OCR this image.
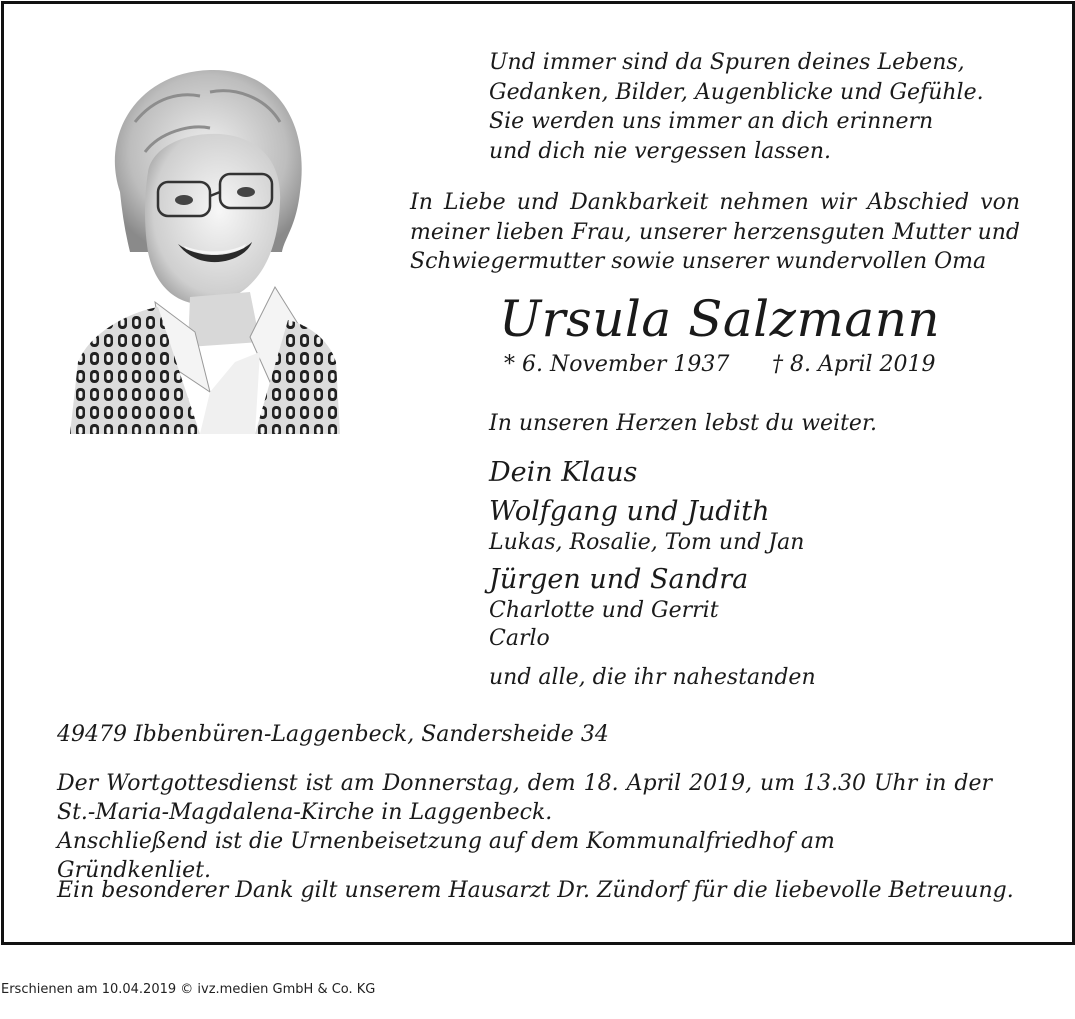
Und immer sind da Spuren deines Lebens,
Gedanken, Bilder, Augenblicke und Gefühle.
Sie werden uns immer an dich erinnern
und dich nie vergessen lassen.
In Liebe und Dankbarkeit nehmen wir Abschied von
meiner lieben Frau, unserer herzensguten Mutter und
Schwiegermutter sowie unserer wundervollen Oma
Ursula Salzmann
* 6. November 1937 † 8. April 2019
In unseren Herzen lebst du weiter.
Dein Klaus
Wolfgang und Judith
Lukas, Rosalie, Tom und Jan
Jürgen und Sandra
Charlotte und Gerrit
Carlo
und alle, die ihr nahestanden
49479 Ibbenbüren-Laggenbeck, Sandersheide 34
Der Wortgottesdienst ist am Donnerstag, dem 18. April 2019, um 13.30 Uhr in der
St.-Maria-Magdalena-Kirche in Laggenbeck.
Anschließend ist die Urnenbeisetzung auf dem Kommunalfriedhof am Gründkenliet.
Ein besonderer Dank gilt unserem Hausarzt Dr. Zündorf für die liebevolle Betreuung.
Erschienen am 10.04.2019 © ivz.medien GmbH & Co. KG
